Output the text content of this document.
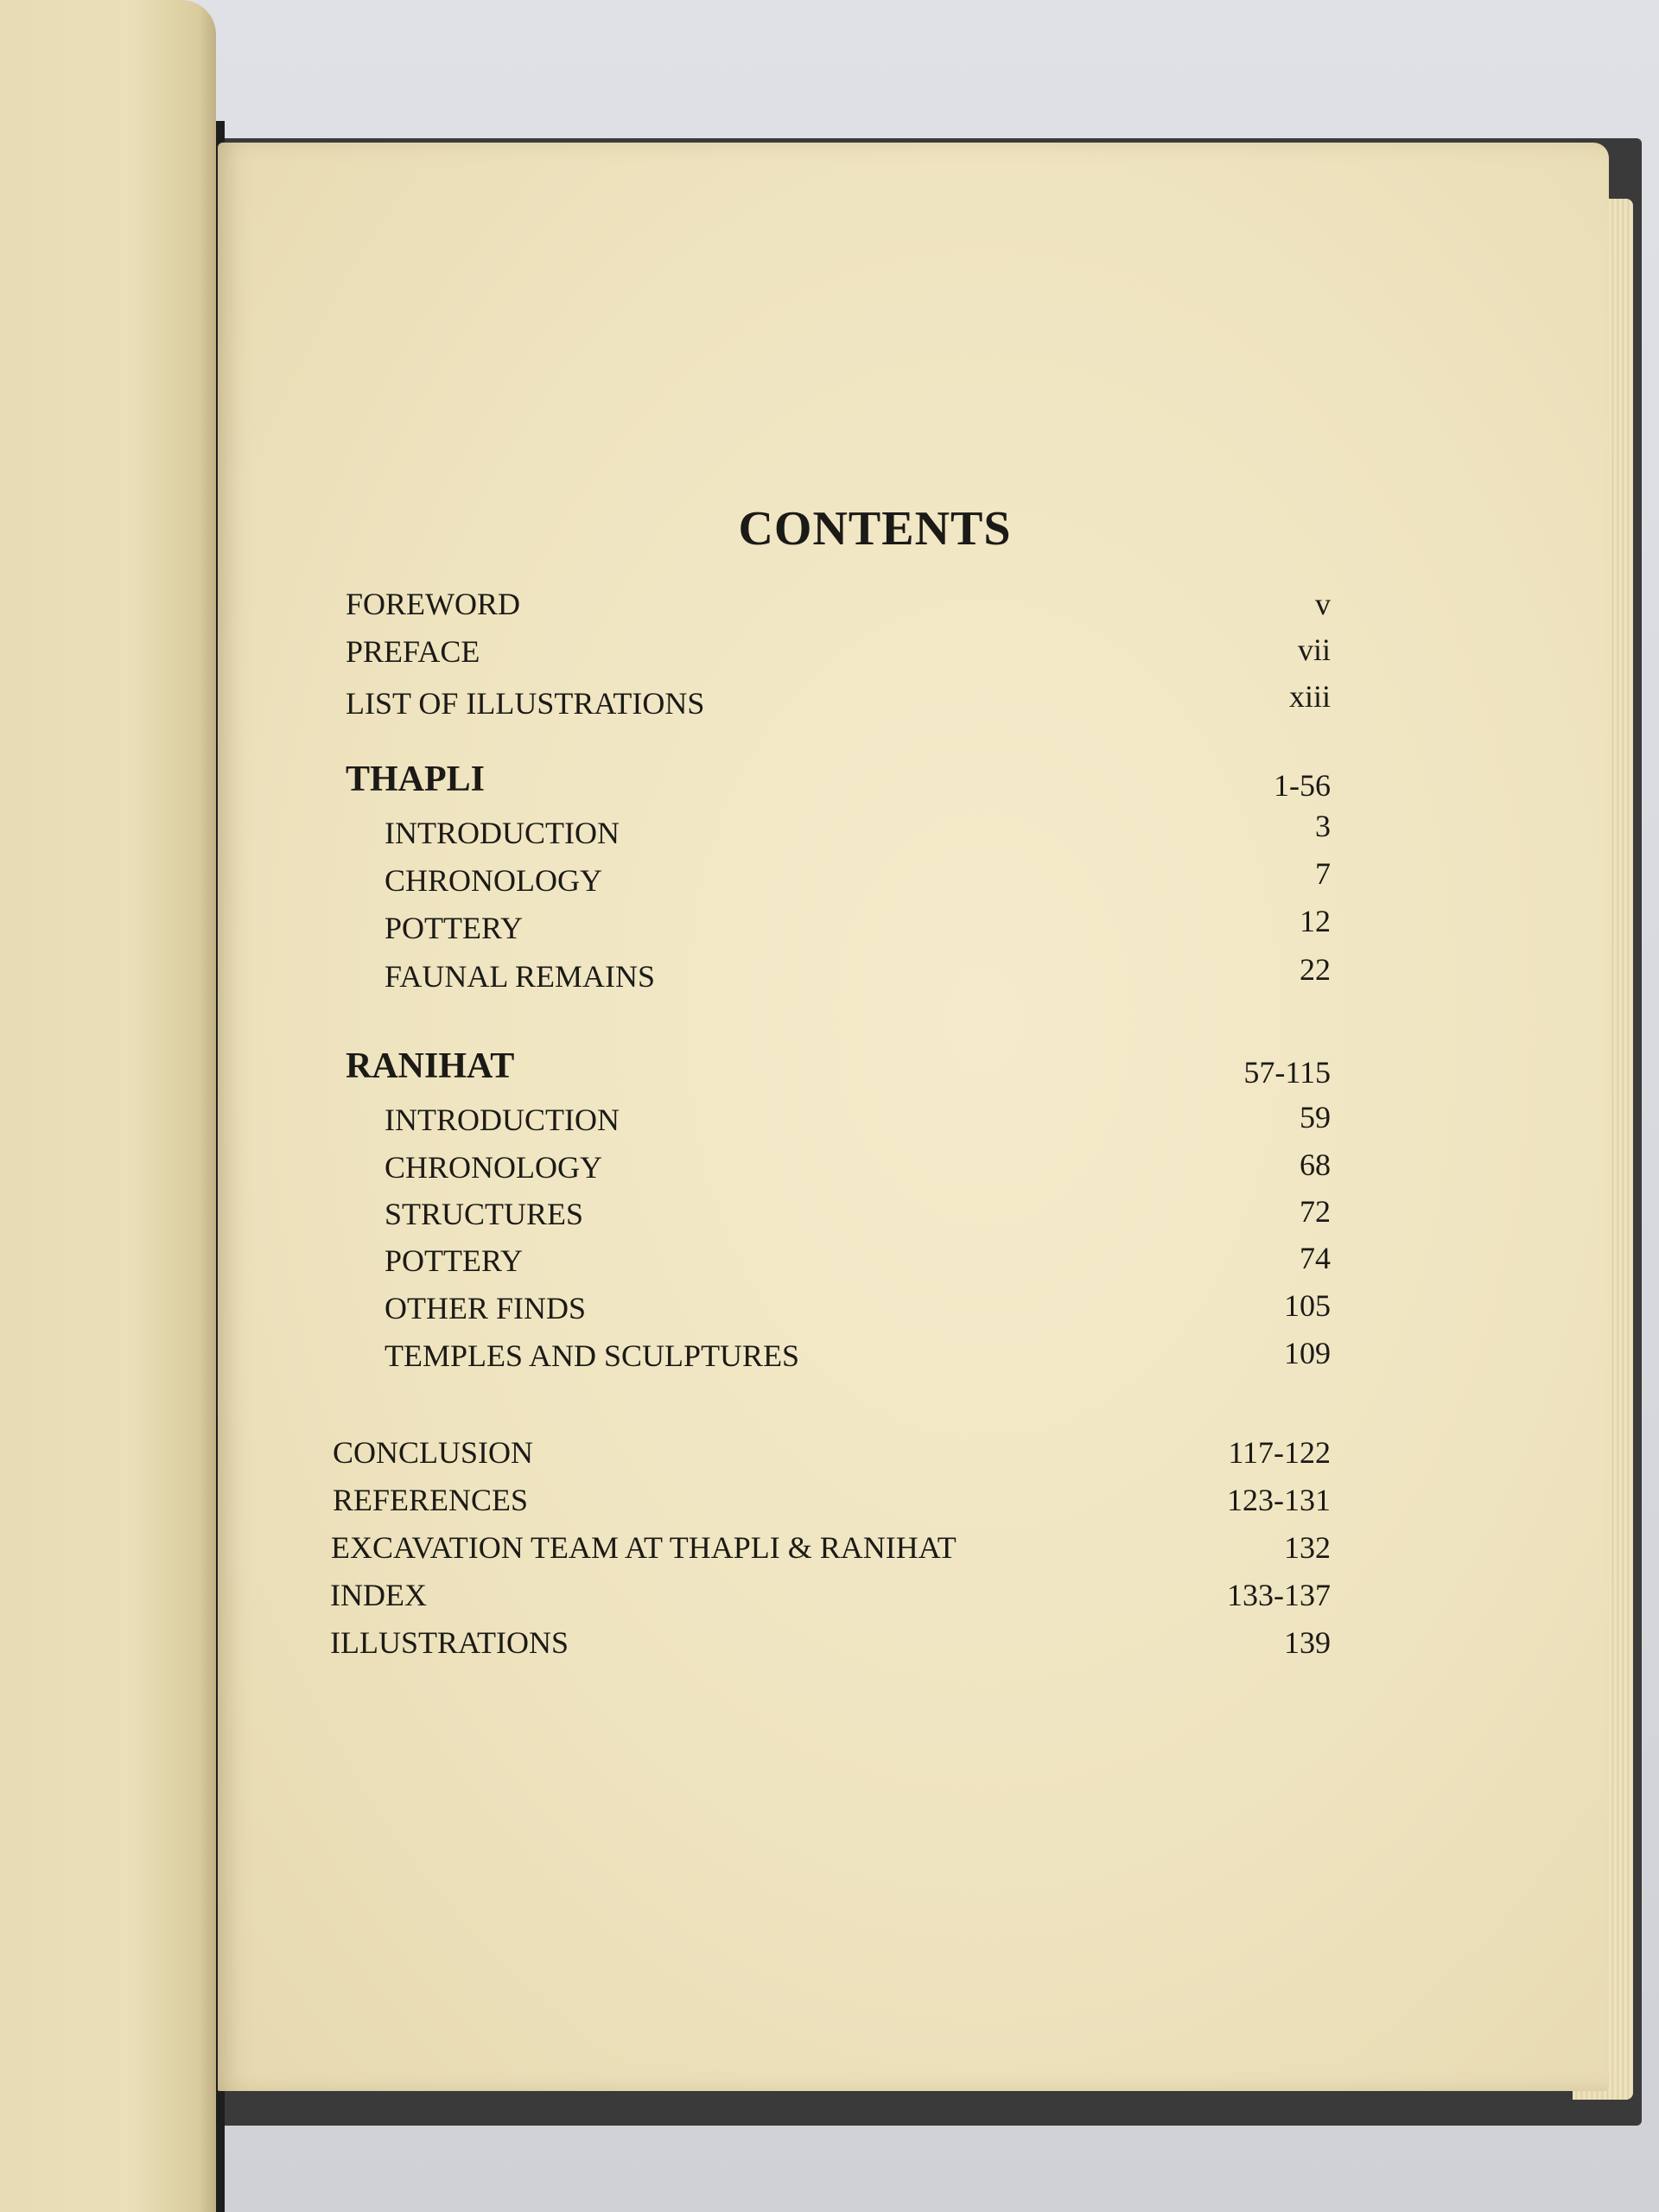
CONTENTS
FOREWORD	v
PREFACE	vii
LIST OF ILLUSTRATIONS	xiii
THAPLI	1-56
INTRODUCTION	3
CHRONOLOGY	7
POTTERY	12
FAUNAL REMAINS	22
RANIHAT	57-115
INTRODUCTION	59
CHRONOLOGY	68
STRUCTURES	72
POTTERY	74
OTHER FINDS	105
TEMPLES AND SCULPTURES	109
CONCLUSION	117-122
REFERENCES	123-131
EXCAVATION TEAM AT THAPLI & RANIHAT	132
INDEX	133-137
ILLUSTRATIONS	139
